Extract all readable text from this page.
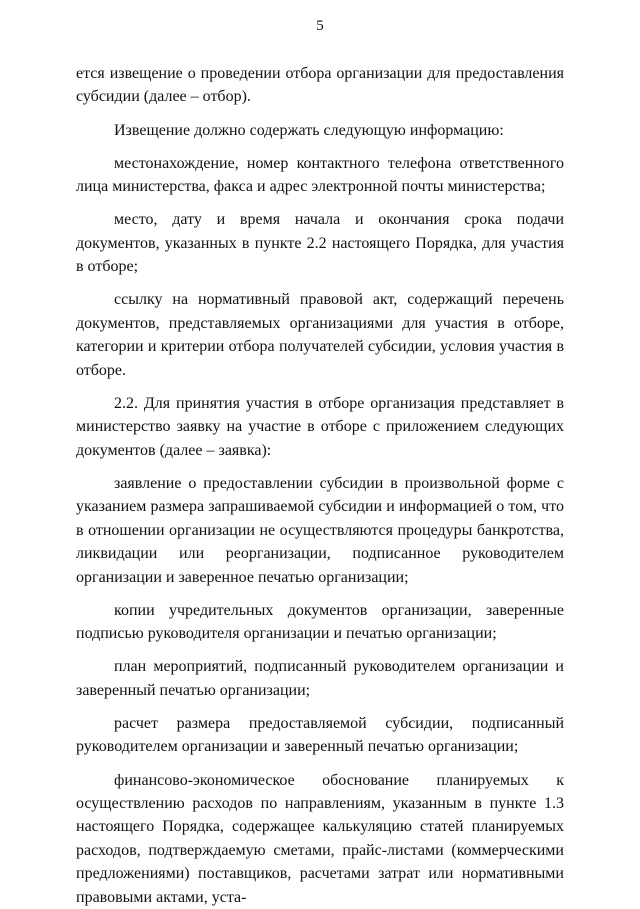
5

ется извещение о проведении отбора организации для предоставления субсидии (далее – отбор).

Извещение должно содержать следующую информацию:

местонахождение, номер контактного телефона ответственного лица министерства, факса и адрес электронной почты министерства;

место, дату и время начала и окончания срока подачи документов, указанных в пункте 2.2 настоящего Порядка, для участия в отборе;

ссылку на нормативный правовой акт, содержащий перечень документов, представляемых организациями для участия в отборе, категории и критерии отбора получателей субсидии, условия участия в отборе.

2.2. Для принятия участия в отборе организация представляет в министерство заявку на участие в отборе с приложением следующих документов (далее – заявка):

заявление о предоставлении субсидии в произвольной форме с указанием размера запрашиваемой субсидии и информацией о том, что в отношении организации не осуществляются процедуры банкротства, ликвидации или реорганизации, подписанное руководителем организации и заверенное печатью организации;

копии учредительных документов организации, заверенные подписью руководителя организации и печатью организации;

план мероприятий, подписанный руководителем организации и заверенный печатью организации;

расчет размера предоставляемой субсидии, подписанный руководителем организации и заверенный печатью организации;

финансово-экономическое обоснование планируемых к осуществлению расходов по направлениям, указанным в пункте 1.3 настоящего Порядка, содержащее калькуляцию статей планируемых расходов, подтверждаемую сметами, прайс-листами (коммерческими предложениями) поставщиков, расчетами затрат или нормативными правовыми актами, уста-
